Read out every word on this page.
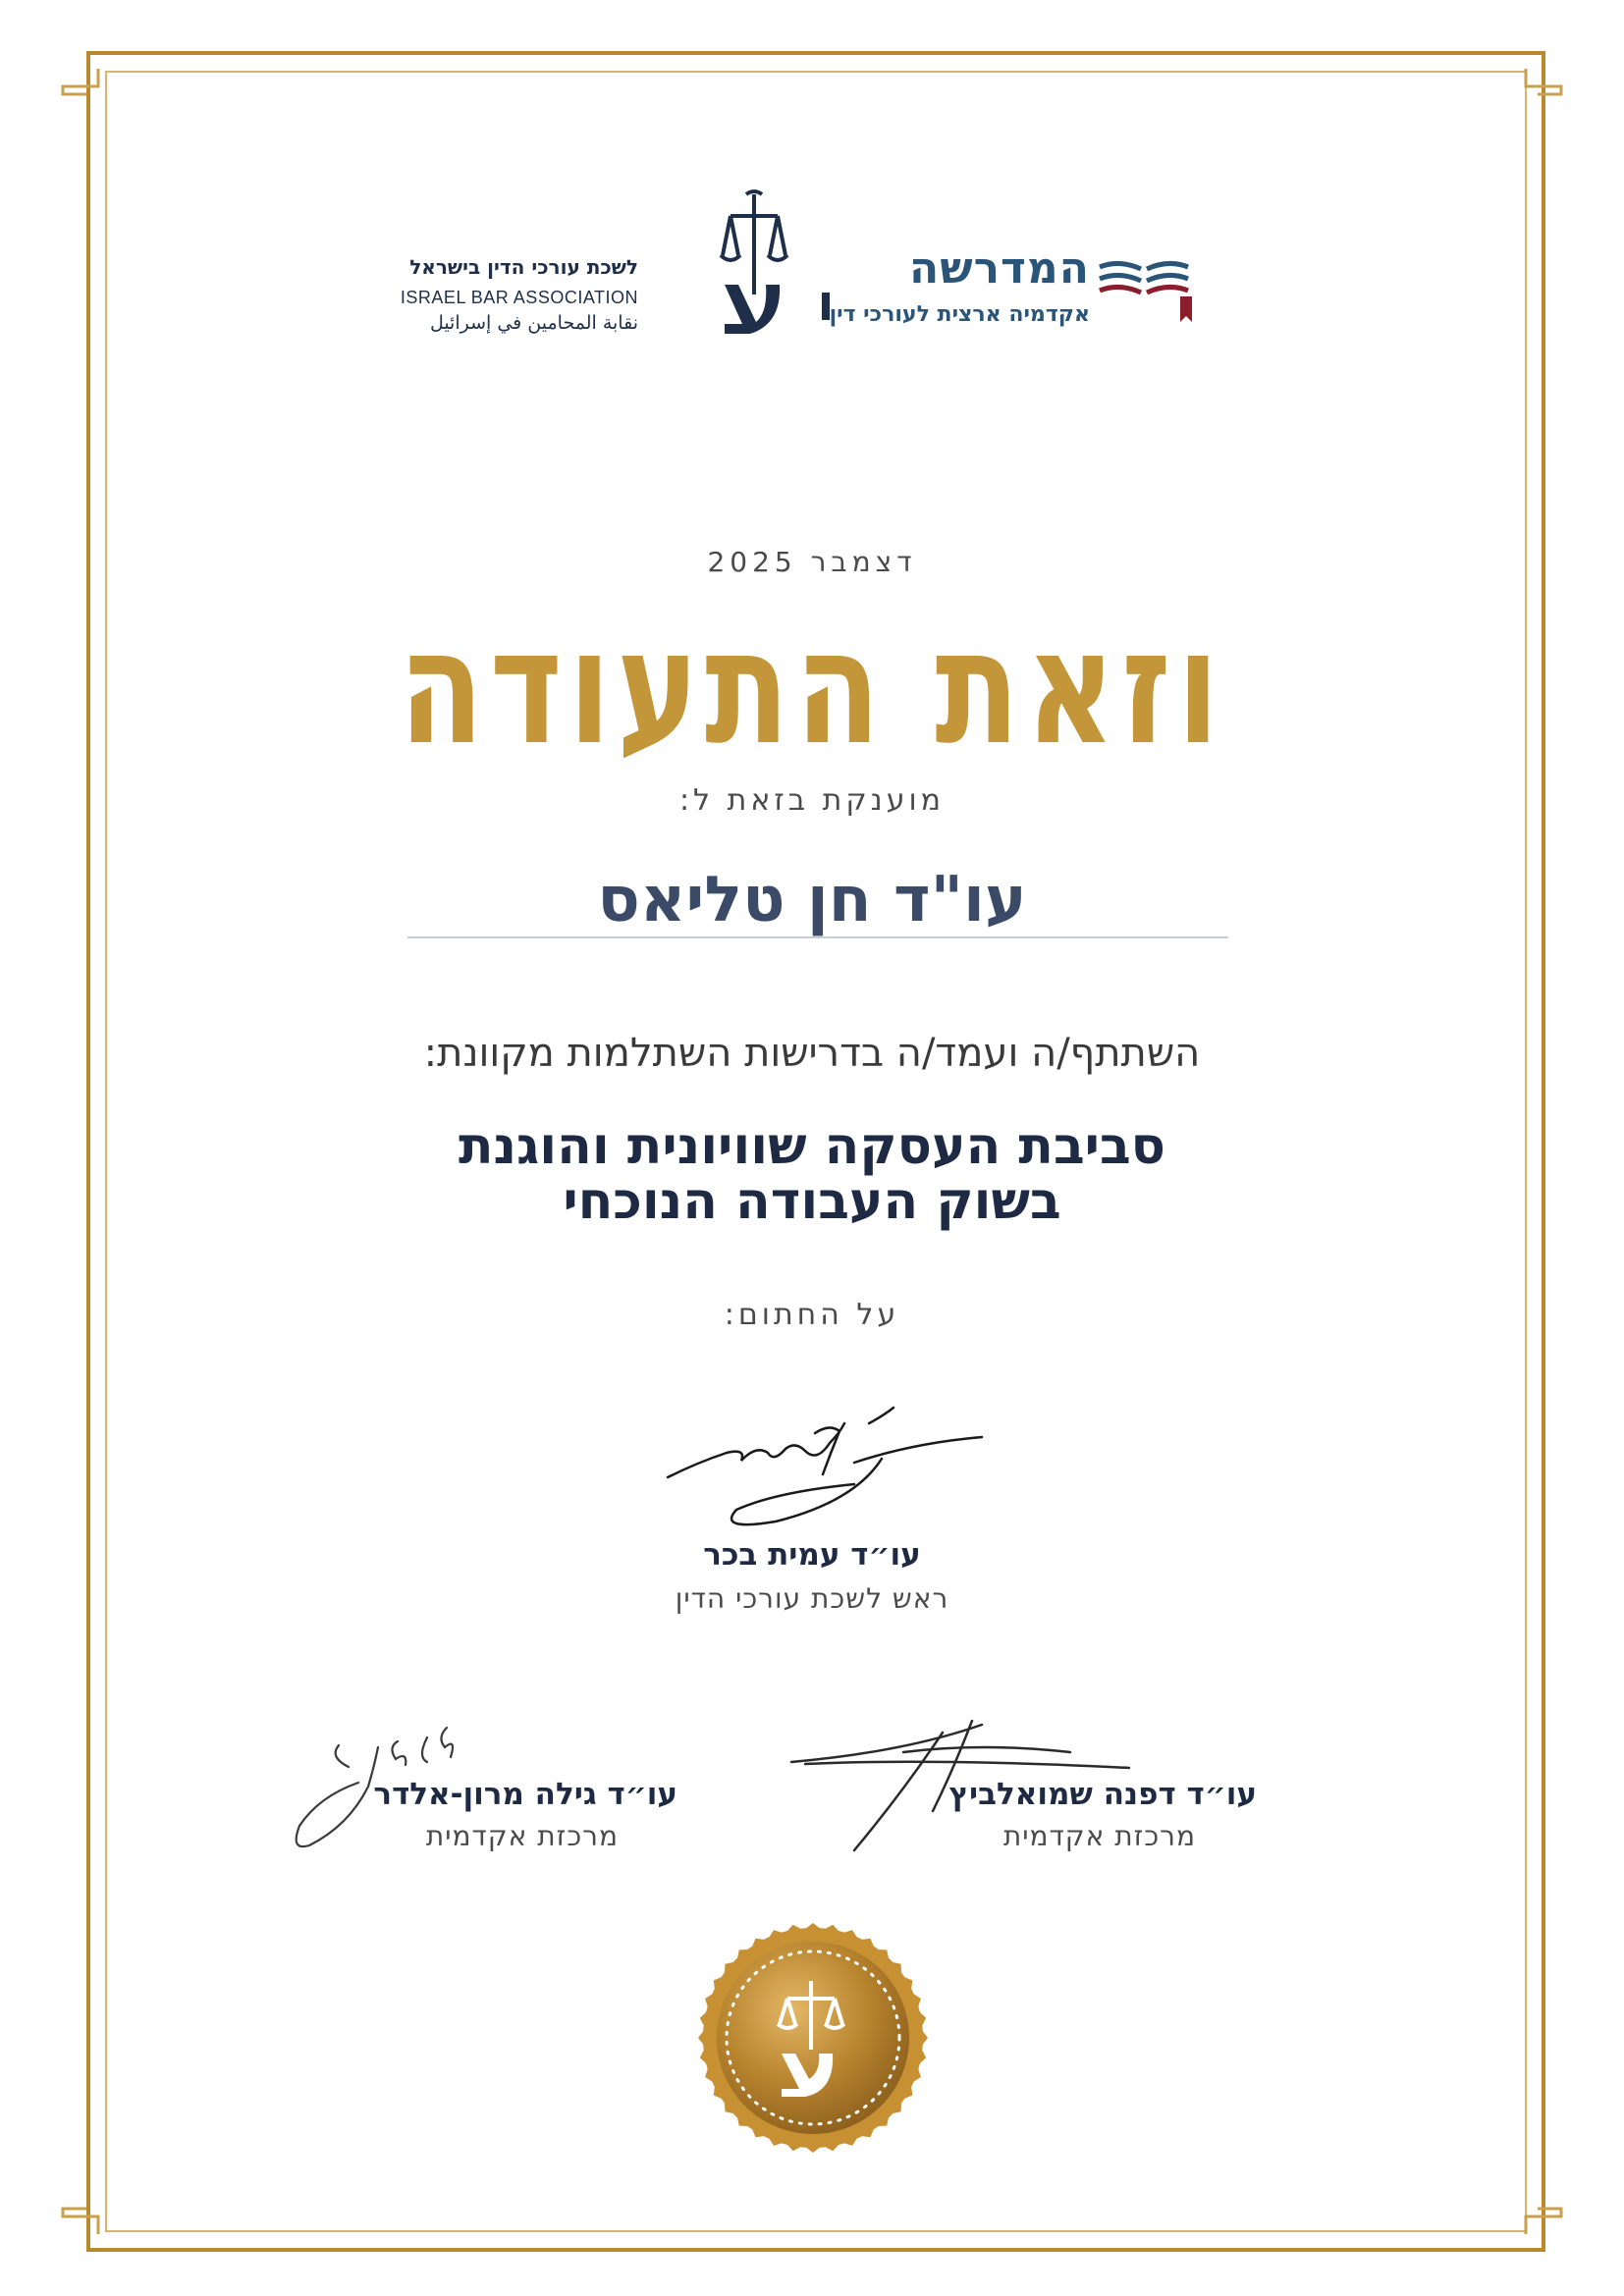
לשכת עורכי הדין בישראל
ISRAEL BAR ASSOCIATION
نقابة المحامين في إسرائيل
המדרשה
אקדמיה ארצית לעורכי דין
דצמבר 2025
וזאת התעודה
מוענקת בזאת ל:
עו"ד חן טליאס
השתתף/ה ועמד/ה בדרישות השתלמות מקוונת:
סביבת העסקה שוויונית והוגנת
בשוק העבודה הנוכחי
על החתום:
עו״ד עמית בכר
ראש לשכת עורכי הדין
עו״ד גילה מרון-אלדר
מרכזת אקדמית
עו״ד דפנה שמואלביץ
מרכזת אקדמית
